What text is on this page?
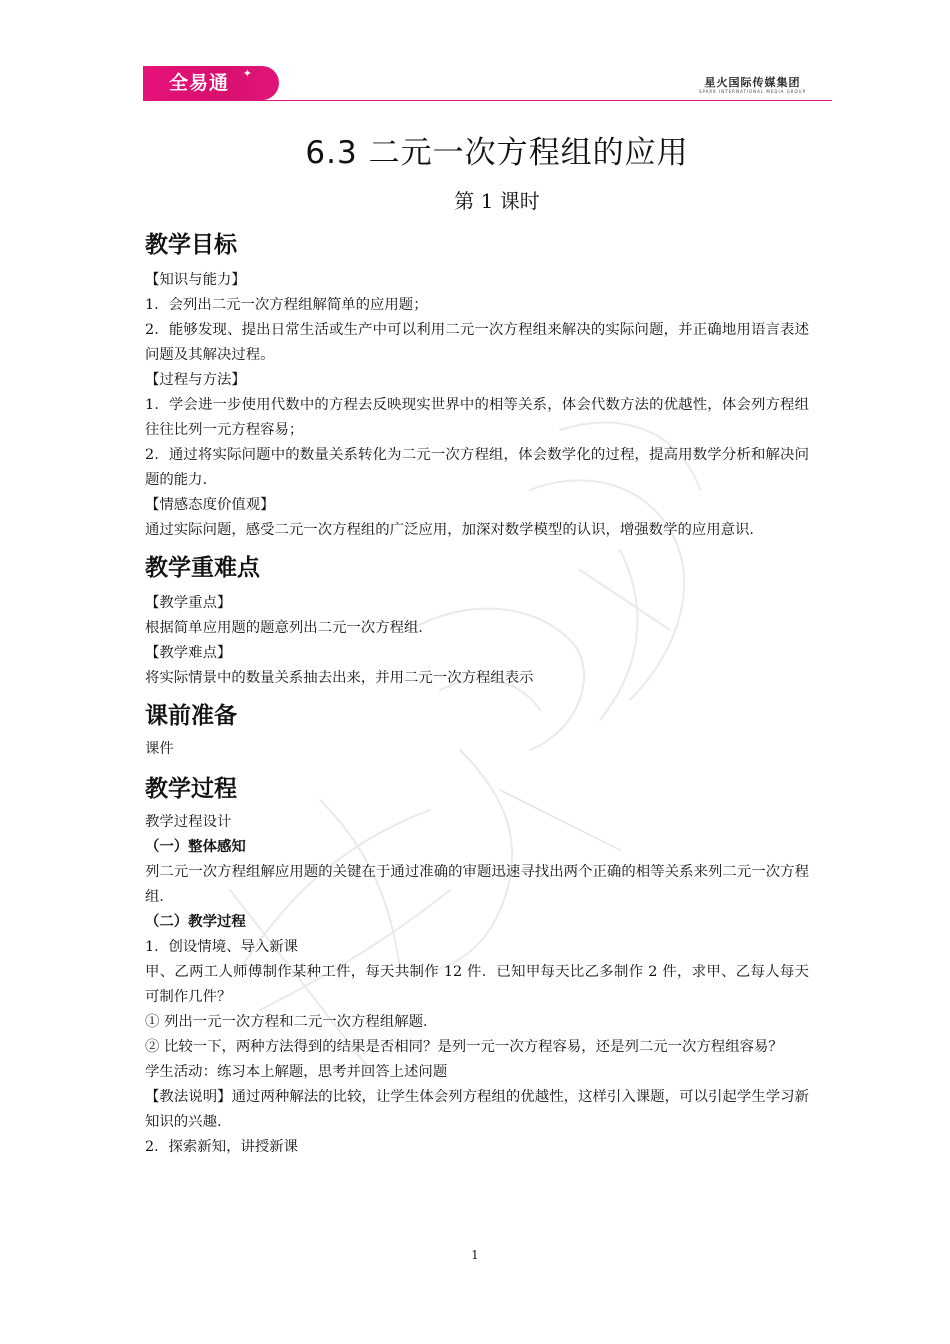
全易通	✦
星火国际传媒集团
SPARK INTERNATIONAL MEDIA GROUP
6.3 二元一次方程组的应用
第 1 课时
教学目标

【知识与能力】

1．会列出二元一次方程组解简单的应用题；

2．能够发现、提出日常生活或生产中可以利用二元一次方程组来解决的实际问题，并正确地用语言表述问题及其解决过程。

【过程与方法】

1．学会进一步使用代数中的方程去反映现实世界中的相等关系，体会代数方法的优越性，体会列方程组往往比列一元方程容易；

2．通过将实际问题中的数量关系转化为二元一次方程组，体会数学化的过程，提高用数学分析和解决问题的能力．

【情感态度价值观】

通过实际问题，感受二元一次方程组的广泛应用，加深对数学模型的认识，增强数学的应用意识．

教学重难点

【教学重点】

根据简单应用题的题意列出二元一次方程组．

【教学难点】

将实际情景中的数量关系抽去出来，并用二元一次方程组表示

课前准备

课件

教学过程

教学过程设计

（一）整体感知

列二元一次方程组解应用题的关键在于通过准确的审题迅速寻找出两个正确的相等关系来列二元一次方程组．

（二）教学过程

1．创设情境、导入新课

甲、乙两工人师傅制作某种工件，每天共制作 12 件．已知甲每天比乙多制作 2 件，求甲、乙每人每天可制作几件？

① 列出一元一次方程和二元一次方程组解题．

② 比较一下，两种方法得到的结果是否相同？是列一元一次方程容易，还是列二元一次方程组容易？

学生活动：练习本上解题，思考并回答上述问题

【教法说明】通过两种解法的比较，让学生体会列方程组的优越性，这样引入课题，可以引起学生学习新知识的兴趣．

2．探索新知，讲授新课

1
